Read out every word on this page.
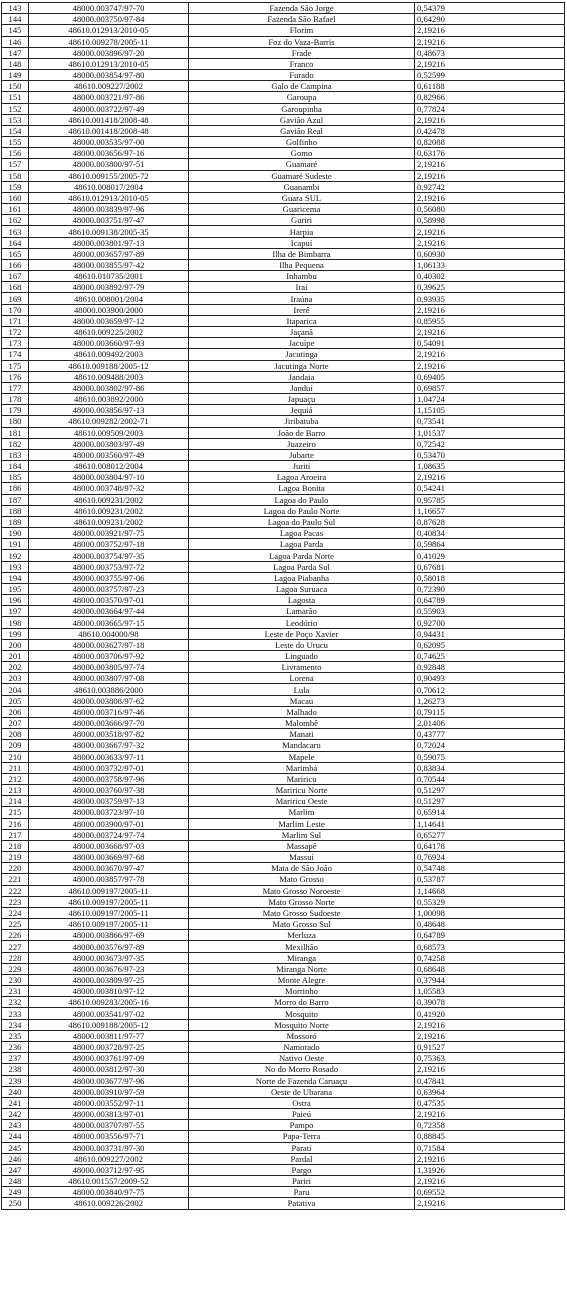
143	48000.003747/97-70	Fazenda São Jorge	0,54379
144	48000.003750/97-84	Fazenda São Rafael	0,64290
145	48610.012913/2010-05	Florim	2,19216
146	48610.009278/2005-11	Foz do Vaza-Barris	2,19216
147	48000.003896/97-20	Frade	0,48673
148	48610.012913/2010-05	Franco	2,19216
149	48000.003854/97-80	Furado	0,52599
150	48610.009227/2002	Galo de Campina	0,61188
151	48000.003721/97-86	Garoupa	0,82966
152	48000.003722/97-49	Garoupinha	0,77824
153	48610.001418/2008-48	Gavião Azul	2,19216
154	48610.001418/2008-48	Gavião Real	0,42478
155	48000.003535/97-00	Golfinho	0,82088
156	48000.003656/97-16	Gomo	0,63176
157	48000.003800/97-51	Guamaré	2,19216
158	48610.009155/2005-72	Guamaré Sudeste	2,19216
159	48610.008017/2004	Guanambi	0,92742
160	48610.012913/2010-05	Guara SUL	2,19216
161	48000.003839/97-96	Guaricema	0,56080
162	48000.003751/97-47	Guriri	0,58998
163	48610.009138/2005-35	Harpia	2,19216
164	48000.003801/97-13	Icapuí	2,19216
165	48000.003657/97-89	Ilha de Bimbarra	0,60930
166	48000.003855/97-42	Ilha Pequena	1,06133
167	48610.010735/2001	Inhambu	0,40302
168	48000.003892/97-79	Iraí	0,39625
169	48610.008001/2004	Iraúna	0,93935
170	48000.003900/2000	Irerê	2,19216
171	48000.003659/97-12	Itaparica	0,85955
172	48610.009225/2002	Jaçanã	2,19216
173	48000.003660/97-93	Jacuípe	0,54091
174	48610.009492/2003	Jacutinga	2,19216
175	48610.009188/2005-12	Jacutinga Norte	2,19216
176	48610.009488/2003	Jandaia	0,69405
177	48000.003802/97-86	Janduí	0,69857
178	48610.003892/2000	Japuaçu	1,04724
179	48000.003856/97-13	Jequiá	1,15105
180	48610.009282/2002-71	Jiribatuba	0,73541
181	48610.009509/2003	João de Barro	1,01537
182	48000.003803/97-49	Juazeiro	0,72542
183	48000.003560/97-49	Jubarte	0,53470
184	48610.008012/2004	Juriti	1,08635
185	48000.003804/97-10	Lagoa Aroeira	2,19216
186	48000.003748/97-32	Lagoa Bonita	0,54241
187	48610.009231/2002	Lagoa do Paulo	0,95785
188	48610.009231/2002	Lagoa do Paulo Norte	1,16657
189	48610.009231/2002	Lagoa do Paulo Sul	0,87628
190	48000.003921/97-75	Lagoa Pacas	0,40834
191	48000.003752/97-18	Lagoa Parda	0,59864
192	48000.003754/97-35	Lagoa Parda Norte	0,41029
193	48000.003753/97-72	Lagoa Parda Sul	0,67681
194	48000.003755/97-06	Lagoa Piabanha	0,58018
195	48000.003757/97-23	Lagoa Suruaca	0,72390
196	48000.003570/97-01	Lagosta	0,64789
197	48000.003664/97-44	Lamarão	0,55903
198	48000.003665/97-15	Leodório	0,92700
199	48610.004000/98	Leste de Poço Xavier	0,94431
200	48000.003627/97-18	Leste do Urucu	0,62095
201	48000.003706/97-92	Linguado	0,74625
202	48000.003805/97-74	Livramento	0,92848
203	48000.003807/97-08	Lorena	0,90493
204	48610.003886/2000	Lula	0,70612
205	48000.003808/97-62	Macau	1,26273
206	48000.003716/97-46	Malhado	0,79115
207	48000.003666/97-70	Malombê	2,01406
208	48000.003518/97-82	Manati	0,43777
209	48000.003667/97-32	Mandacaru	0,72024
210	48000.003633/97-11	Mapele	0,59075
211	48000.003732/97-01	Marimbá	0,83834
212	48000.003758/97-96	Mariricu	0,70544
213	48000.003760/97-38	Mariricu Norte	0,51297
214	48000.003759/97-13	Mariricu Oeste	0,51297
215	48000.003723/97-10	Marlim	0,65914
216	48000.003900/97-01	Marlim Leste	1,14641
217	48000.003724/97-74	Marlim Sul	0,65277
218	48000.003668/97-03	Massapê	0,64178
219	48000.003669/97-68	Massuí	0,76924
220	48000.003670/97-47	Mata de São João	0,54748
221	48000.003857/97-78	Mato Grosso	0,53787
222	48610.009197/2005-11	Mato Grosso Noroeste	1,14668
223	48610.009197/2005-11	Mato Grosso Norte	0,55329
224	48610.009197/2005-11	Mato Grosso Sudoeste	1,00098
225	48610.009197/2005-11	Mato Grosso Sul	0,48648
226	48000.003866/97-69	Merluza	0,64789
227	48000.003576/97-89	Mexilhão	0,68573
228	48000.003673/97-35	Miranga	0,74258
229	48000.003676/97-23	Miranga Norte	0,68648
230	48000.003809/97-25	Monte Alegre	0,37944
231	48000.003810/97-12	Morrinho	1,05583
232	48610.009283/2005-16	Morro do Barro	0,39078
233	48000.003541/97-02	Mosquito	0,41920
234	48610.009188/2005-12	Mosquito Norte	2,19216
235	48000.003811/97-77	Mossoró	2,19216
236	48000.003728/97-25	Namorado	0,91527
237	48000.003761/97-09	Nativo Oeste	0,75363
238	48000.003812/97-30	No do Morro Rosado	2,19216
239	48000.003677/97-96	Norte de Fazenda Caruaçu	0,47841
240	48000.003910/97-59	Oeste de Ubarana	0,63964
241	48000.003552/97-11	Ostra	0,47535
242	48000.003813/97-01	Paieú	2,19216
243	48000.003707/97-55	Pampo	0,72358
244	48000.003556/97-71	Papa-Terra	0,88845
245	48000.003731/97-30	Parati	0,71584
246	48610.009227/2002	Pardal	2,19216
247	48000.003712/97-95	Pargo	1,31926
248	48610.001557/2009-52	Pariri	2,19216
249	48000.003840/97-75	Paru	0,69552
250	48610.009226/2002	Patativa	2,19216
